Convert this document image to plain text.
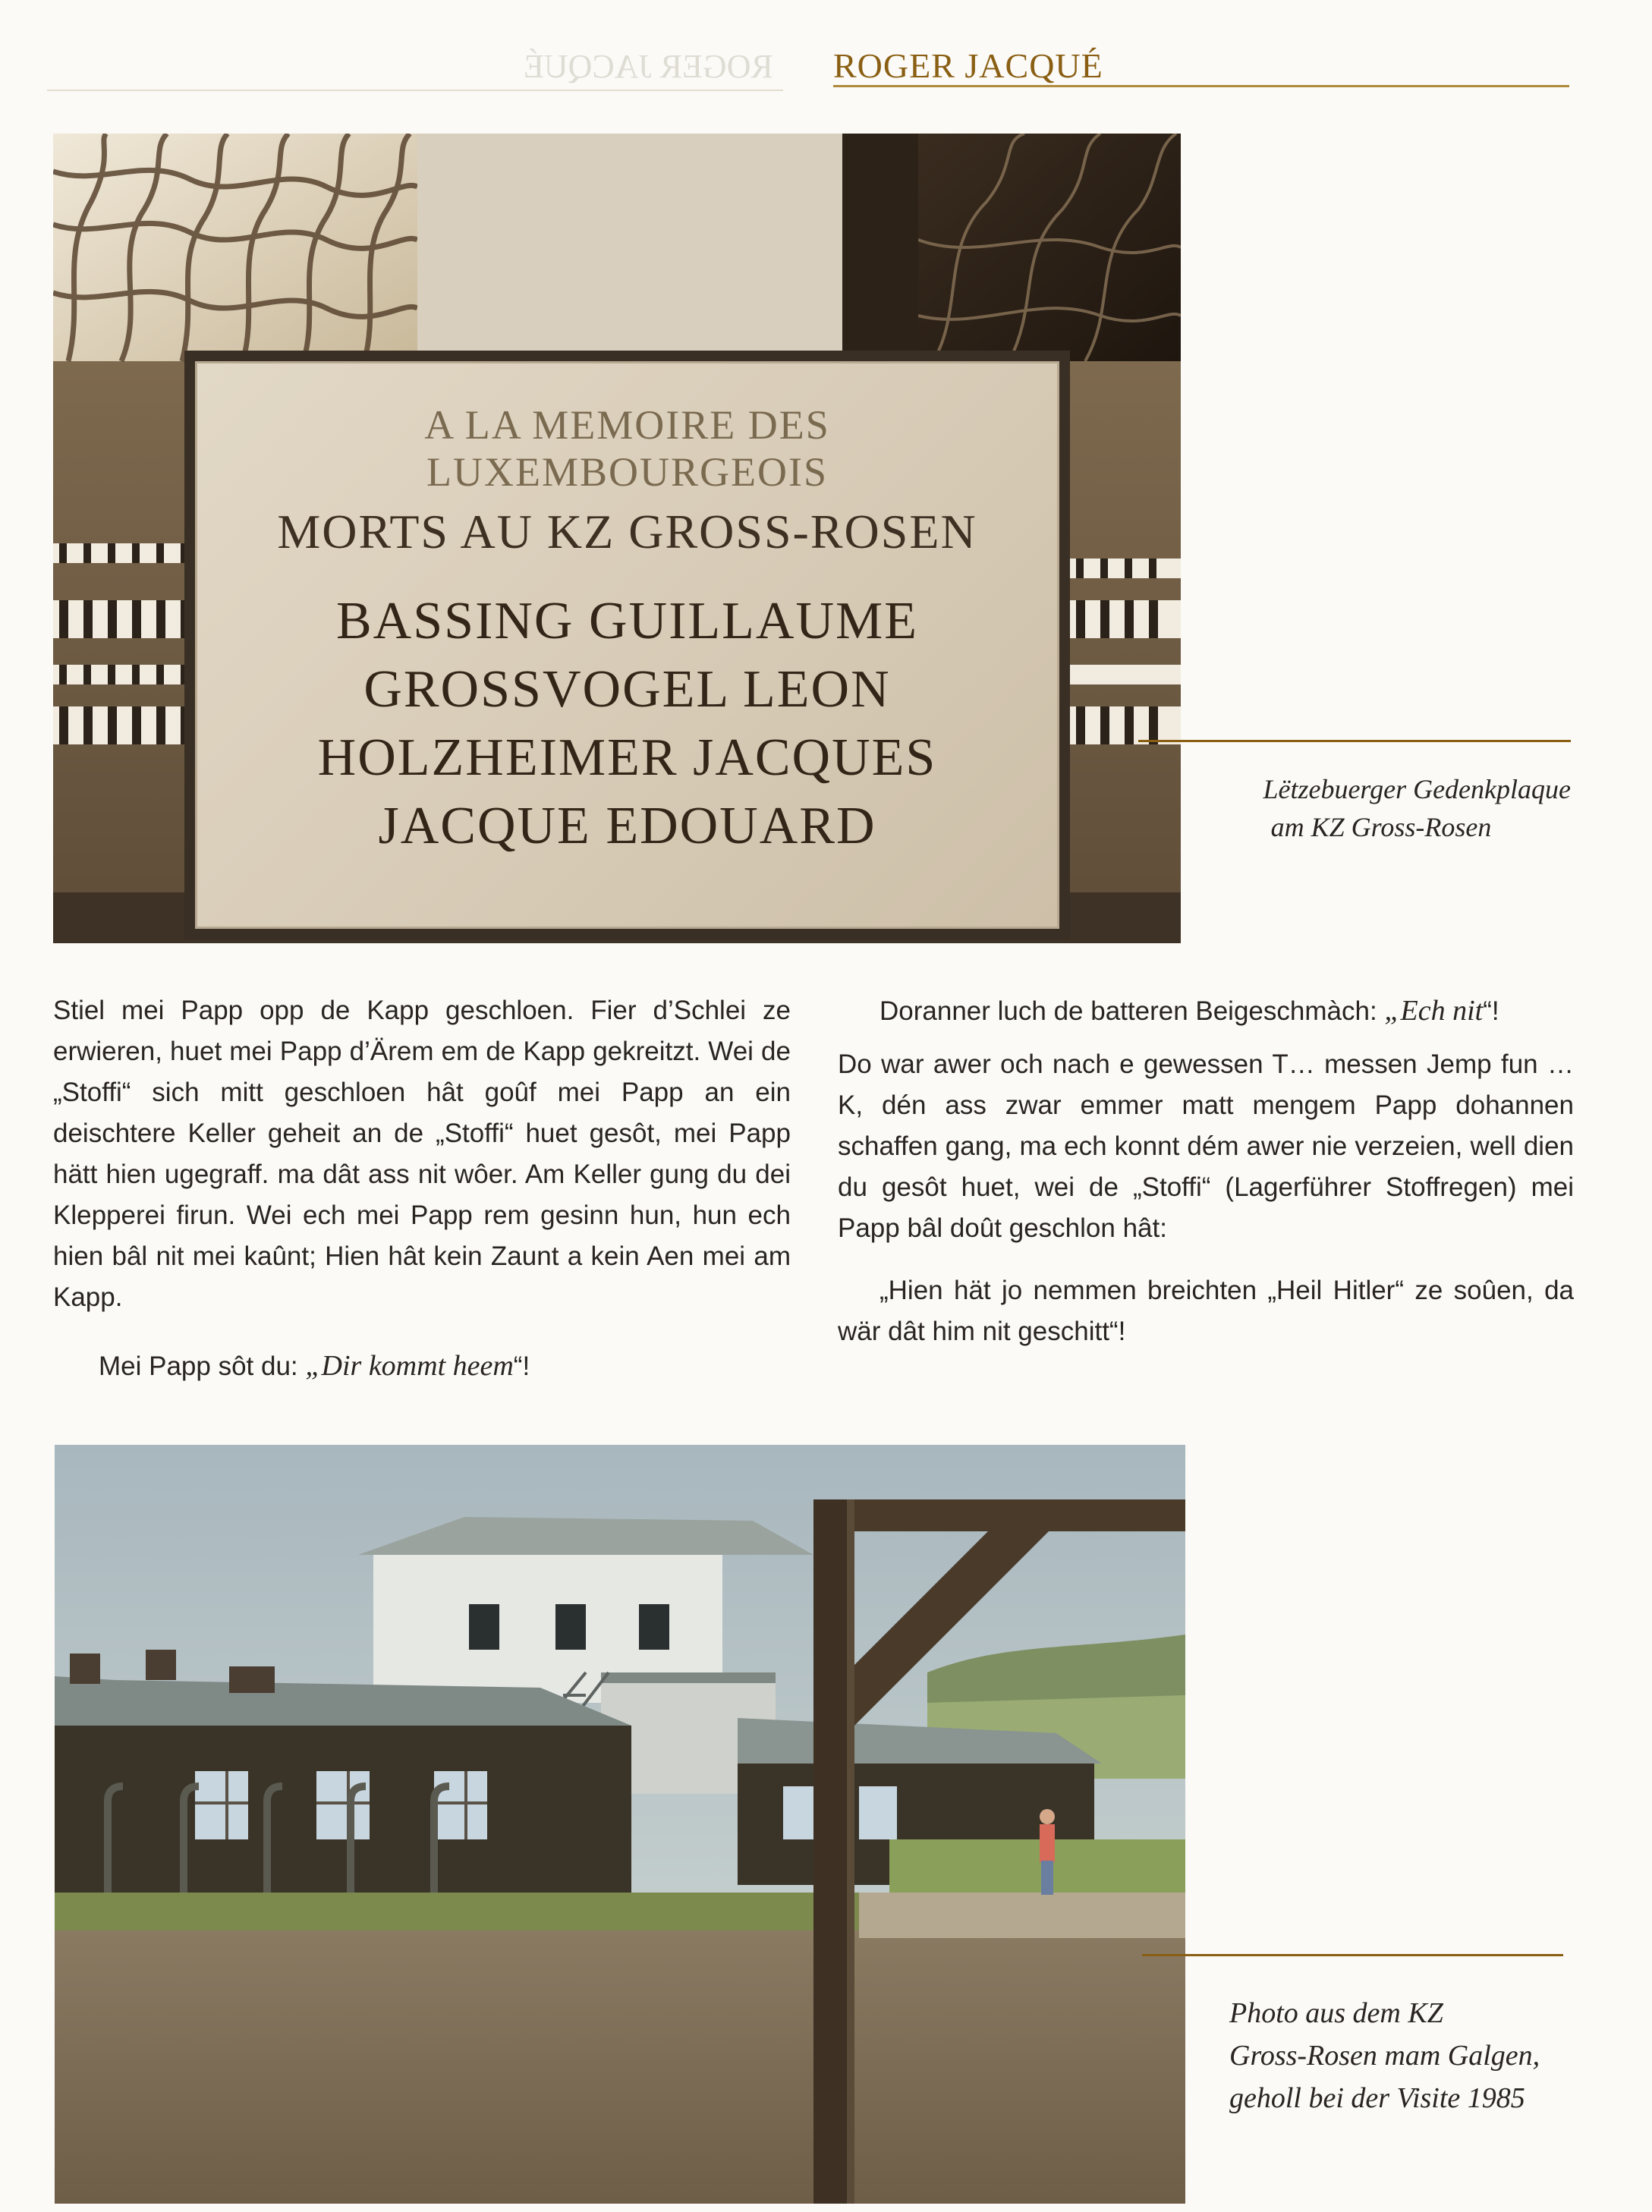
ROGER JACQUÉ ROGER JACQUÉ
A LA MEMOIRE DES
LUXEMBOURGEOIS
MORTS AU KZ GROSS-ROSEN
BASSING GUILLAUME
GROSSVOGEL LEON
HOLZHEIMER JACQUES
JACQUE EDOUARD
Lëtzebuerger Gedenkplaque
am KZ Gross-Rosen

Stiel mei Papp opp de Kapp geschloen. Fier d’Schlei ze erwieren, huet mei Papp d’Ärem em de Kapp gekreitzt. Wei de „Stoffi“ sich mitt geschloen hât goûf mei Papp an ein deischtere Keller geheit an de „Stoffi“ huet gesôt, mei Papp hätt hien ugegraff. ma dât ass nit wôer. Am Keller gung du dei Klepperei firun. Wei ech mei Papp rem gesinn hun, hun ech hien bâl nit mei kaûnt; Hien hât kein Zaunt a kein Aen mei am Kapp.

Mei Papp sôt du: „Dir kommt heem“!

Doranner luch de batteren Beigeschmàch: „Ech nit“!

Do war awer och nach e gewessen T… messen Jemp fun …K, dén ass zwar emmer matt mengem Papp dohannen schaffen gang, ma ech konnt dém awer nie verzeien, well dien du gesôt huet, wei de „Stoffi“ (Lagerführer Stoffregen) mei Papp bâl doût geschlon hât:

„Hien hät jo nemmen breichten „Heil Hitler“ ze soûen, da wär dât him nit geschitt“!

Photo aus dem KZ
Gross-Rosen mam Galgen,
geholl bei der Visite 1985
